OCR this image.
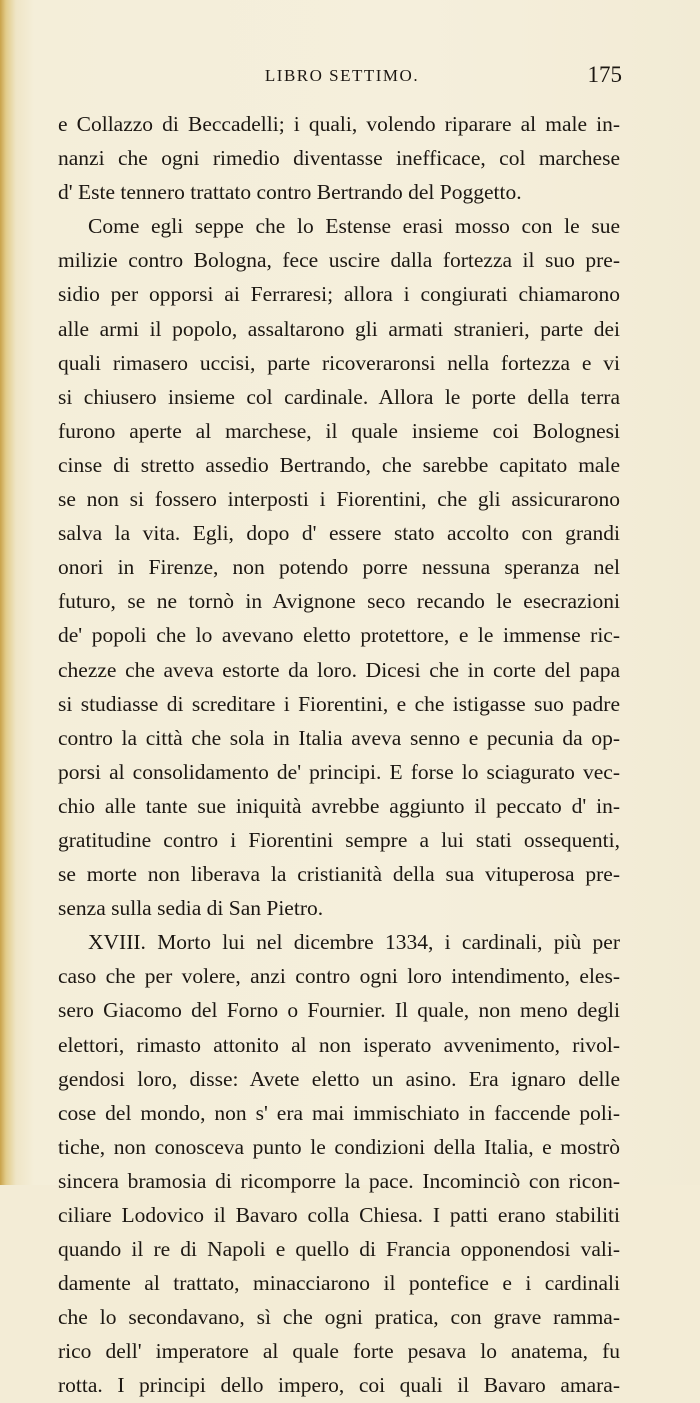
LIBRO SETTIMO.	175
e Collazzo di Beccadelli; i quali, volendo riparare al male in-
nanzi che ogni rimedio diventasse inefficace, col marchese
d' Este tennero trattato contro Bertrando del Poggetto.
Come egli seppe che lo Estense erasi mosso con le sue
milizie contro Bologna, fece uscire dalla fortezza il suo pre-
sidio per opporsi ai Ferraresi; allora i congiurati chiamarono
alle armi il popolo, assaltarono gli armati stranieri, parte dei
quali rimasero uccisi, parte ricoveraronsi nella fortezza e vi
si chiusero insieme col cardinale. Allora le porte della terra
furono aperte al marchese, il quale insieme coi Bolognesi
cinse di stretto assedio Bertrando, che sarebbe capitato male
se non si fossero interposti i Fiorentini, che gli assicurarono
salva la vita. Egli, dopo d' essere stato accolto con grandi
onori in Firenze, non potendo porre nessuna speranza nel
futuro, se ne tornò in Avignone seco recando le esecrazioni
de' popoli che lo avevano eletto protettore, e le immense ric-
chezze che aveva estorte da loro. Dicesi che in corte del papa
si studiasse di screditare i Fiorentini, e che istigasse suo padre
contro la città che sola in Italia aveva senno e pecunia da op-
porsi al consolidamento de' principi. E forse lo sciagurato vec-
chio alle tante sue iniquità avrebbe aggiunto il peccato d' in-
gratitudine contro i Fiorentini sempre a lui stati ossequenti,
se morte non liberava la cristianità della sua vituperosa pre-
senza sulla sedia di San Pietro.
XVIII. Morto lui nel dicembre 1334, i cardinali, più per
caso che per volere, anzi contro ogni loro intendimento, eles-
sero Giacomo del Forno o Fournier. Il quale, non meno degli
elettori, rimasto attonito al non isperato avvenimento, rivol-
gendosi loro, disse: Avete eletto un asino. Era ignaro delle
cose del mondo, non s' era mai immischiato in faccende poli-
tiche, non conosceva punto le condizioni della Italia, e mostrò
sincera bramosia di ricomporre la pace. Incominciò con ricon-
ciliare Lodovico il Bavaro colla Chiesa. I patti erano stabiliti
quando il re di Napoli e quello di Francia opponendosi vali-
damente al trattato, minacciarono il pontefice e i cardinali
che lo secondavano, sì che ogni pratica, con grave ramma-
rico dell' imperatore al quale forte pesava lo anatema, fu
rotta. I principi dello impero, coi quali il Bavaro amara-
